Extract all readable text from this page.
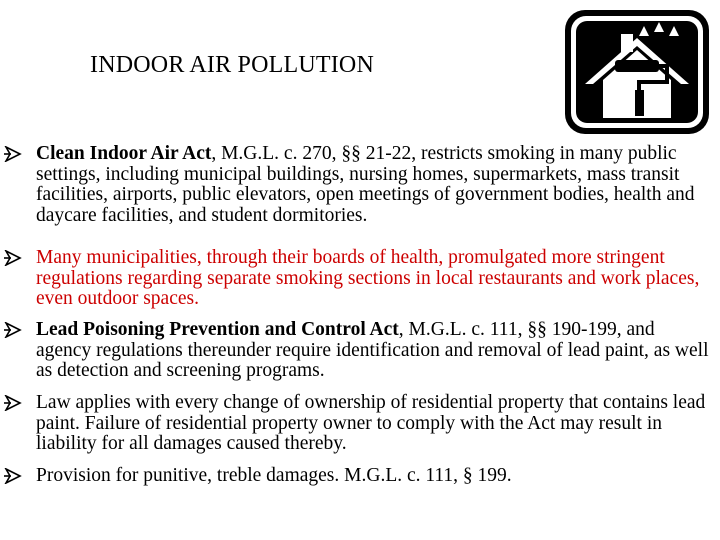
INDOOR AIR POLLUTION
Clean Indoor Air Act, M.G.L. c. 270, §§ 21-22, restricts smoking in many public settings, including municipal buildings, nursing homes, supermarkets, mass transit facilities, airports, public elevators, open meetings of government bodies, health and daycare facilities, and student dormitories.
Many municipalities, through their boards of health, promulgated more stringent regulations regarding separate smoking sections in local restaurants and work places, even outdoor spaces.
Lead Poisoning Prevention and Control Act, M.G.L. c. 111, §§ 190-199, and agency regulations thereunder require identification and removal of lead paint, as well as detection and screening programs.
Law applies with every change of ownership of residential property that contains lead paint. Failure of residential property owner to comply with the Act may result in liability for all damages caused thereby.
Provision for punitive, treble damages. M.G.L. c. 111, § 199.
